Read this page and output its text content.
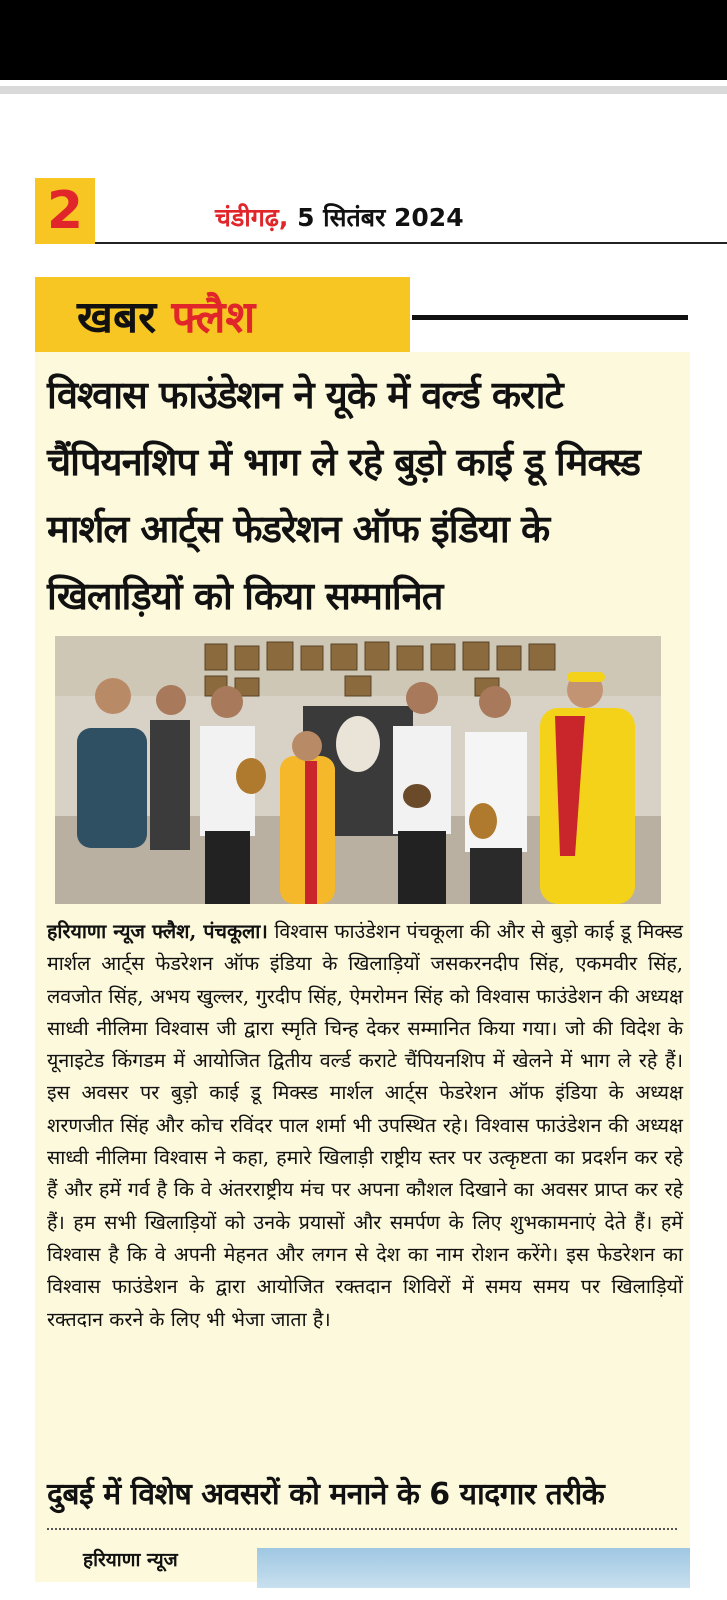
2	चंडीगढ़, 5 सितंबर 2024
खबर फ्लैश
विश्वास फाउंडेशन ने यूके में वर्ल्ड कराटे चैंपियनशिप में भाग ले रहे बुड़ो काई डू मिक्स्ड मार्शल आर्ट्स फेडरेशन ऑफ इंडिया के खिलाड़ियों को किया सम्मानित
हरियाणा न्यूज फ्लैश, पंचकूला। विश्वास फाउंडेशन पंचकूला की और से बुड़ो काई डू मिक्स्ड मार्शल आर्ट्स फेडरेशन ऑफ इंडिया के खिलाड़ियों जसकरनदीप सिंह, एकमवीर सिंह, लवजोत सिंह, अभय खुल्लर, गुरदीप सिंह, ऐमरोमन सिंह को विश्वास फाउंडेशन की अध्यक्ष साध्वी नीलिमा विश्वास जी द्वारा स्मृति चिन्ह देकर सम्मानित किया गया। जो की विदेश के यूनाइटेड किंगडम में आयोजित द्वितीय वर्ल्ड कराटे चैंपियनशिप में खेलने में भाग ले रहे हैं। इस अवसर पर बुड़ो काई डू मिक्स्ड मार्शल आर्ट्स फेडरेशन ऑफ इंडिया के अध्यक्ष शरणजीत सिंह और कोच रविंदर पाल शर्मा भी उपस्थित रहे। विश्वास फाउंडेशन की अध्यक्ष साध्वी नीलिमा विश्वास ने कहा, हमारे खिलाड़ी राष्ट्रीय स्तर पर उत्कृष्टता का प्रदर्शन कर रहे हैं और हमें गर्व है कि वे अंतरराष्ट्रीय मंच पर अपना कौशल दिखाने का अवसर प्राप्त कर रहे हैं। हम सभी खिलाड़ियों को उनके प्रयासों और समर्पण के लिए शुभकामनाएं देते हैं। हमें विश्वास है कि वे अपनी मेहनत और लगन से देश का नाम रोशन करेंगे। इस फेडरेशन का विश्वास फाउंडेशन के द्वारा आयोजित रक्तदान शिविरों में समय समय पर खिलाड़ियों रक्तदान करने के लिए भी भेजा जाता है।
दुबई में विशेष अवसरों को मनाने के 6 यादगार तरीके
हरियाणा न्यूज
